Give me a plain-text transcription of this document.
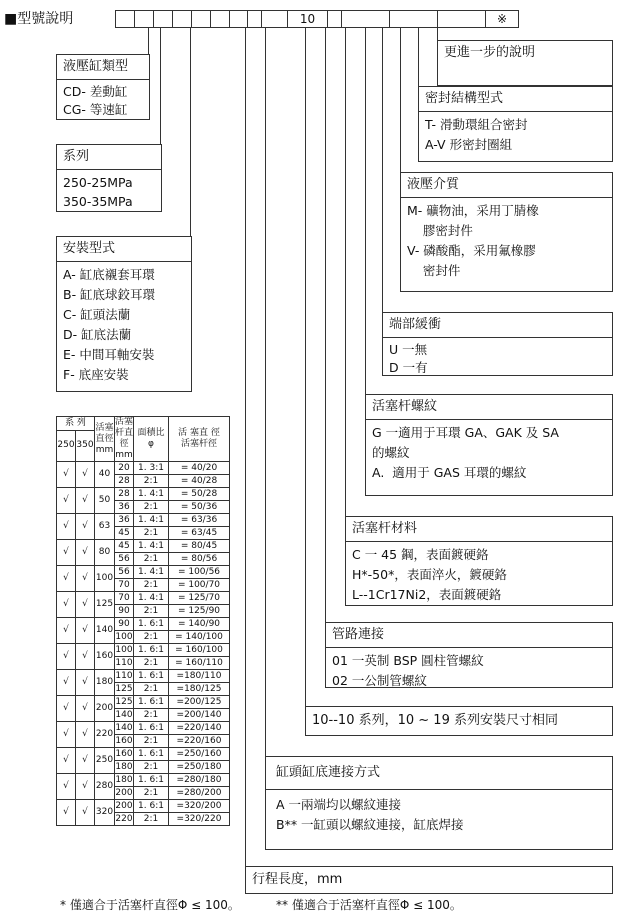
■型號說明	10	※
更進一步的說明
密封結構型式
T- 滑動環組合密封
A-V 形密封圈組
液壓介質
M- 礦物油，采用丁腈橡
膠密封件
V- 磷酸酯，采用氟橡膠
密封件
端部緩衝
U 一無
D 一有
活塞杆螺紋
G 一適用于耳環 GA、GAK 及 SA
的螺紋
A.  適用于 GAS 耳環的螺紋
活塞杆材料
C 一 45 鋼，表面鍍硬鉻
H*-50*，表面淬火，鍍硬鉻
L--1Cr17Ni2，表面鍍硬鉻
管路連接
01 一英制 BSP 圓柱管螺紋
02 一公制管螺紋
10--10 系列，10 ~ 19 系列安裝尺寸相同
缸頭缸底連接方式
A 一兩端均以螺紋連接
B** 一缸頭以螺紋連接，缸底焊接
行程長度，mm
液壓缸類型
CD- 差動缸
CG- 等速缸
系列
250-25MPa
350-35MPa
安裝型式
A- 缸底襯套耳環
B- 缸底球鉸耳環
C- 缸頭法蘭
D- 缸底法蘭
E- 中間耳軸安裝
F- 底座安裝
系 列		活塞直徑 mm	活塞杆直徑 mm	面積比 φ	活 塞直 徑
活塞杆徑
250	350				
√	√	40	20	1. 3:1	= 40/20
			28	2:1	= 40/28
√	√	50	28	1. 4:1	= 50/28
			36	2:1	= 50/36
√	√	63	36	1. 4:1	= 63/36
			45	2:1	= 63/45
√	√	80	45	1. 4:1	= 80/45
			56	2:1	= 80/56
√	√	100	56	1. 4:1	= 100/56
			70	2:1	= 100/70
√	√	125	70	1. 4:1	= 125/70
			90	2:1	= 125/90
√	√	140	90	1. 6:1	= 140/90
			100	2:1	= 140/100
√	√	160	100	1. 6:1	= 160/100
			110	2:1	= 160/110
√	√	180	110	1. 6:1	=180/110
			125	2:1	=180/125
√	√	200	125	1. 6:1	=200/125
			140	2:1	=200/140
√	√	220	140	1. 6:1	=220/140
			160	2:1	=220/160
√	√	250	160	1. 6:1	=250/160
			180	2:1	=250/180
√	√	280	180	1. 6:1	=280/180
			200	2:1	=280/200
√	√	320	200	1. 6:1	=320/200
			220	2:1	=320/220
* 僅適合于活塞杆直徑Φ ≤ 100。	** 僅適合于活塞杆直徑Φ ≤ 100。
